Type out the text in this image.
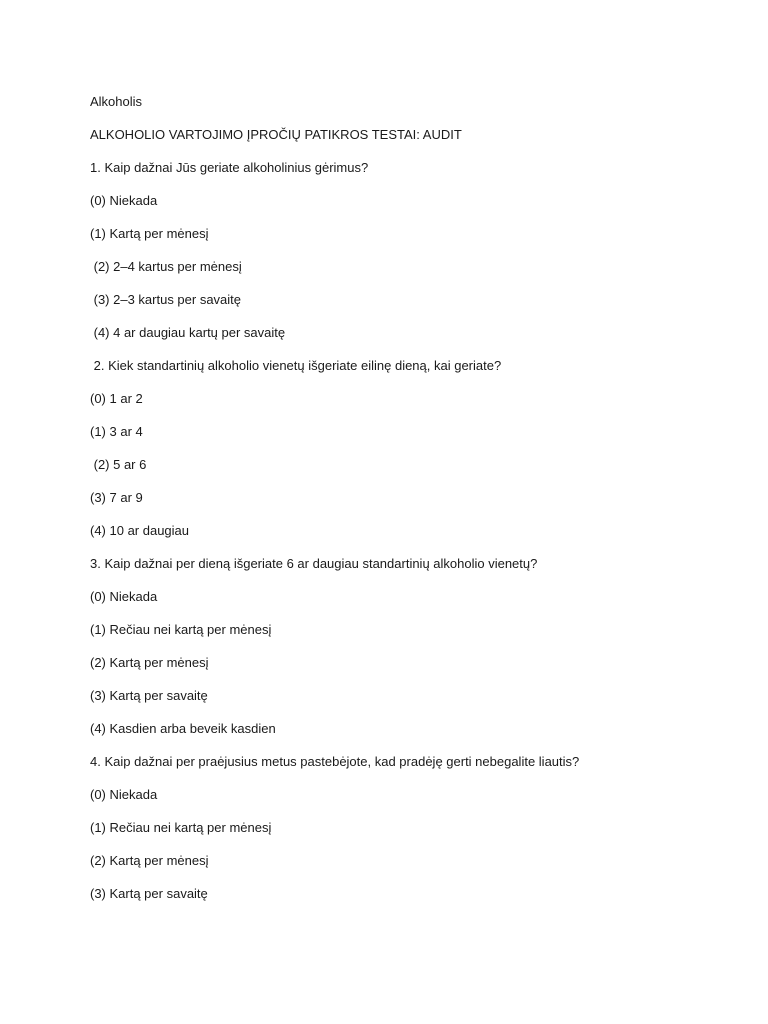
Alkoholis
ALKOHOLIO VARTOJIMO ĮPROČIŲ PATIKROS TESTAI: AUDIT
1. Kaip dažnai Jūs geriate alkoholinius gėrimus?
(0) Niekada
(1) Kartą per mėnesį
(2) 2–4 kartus per mėnesį
(3) 2–3 kartus per savaitę
(4) 4 ar daugiau kartų per savaitę
2. Kiek standartinių alkoholio vienetų išgeriate eilinę dieną, kai geriate?
(0) 1 ar 2
(1) 3 ar 4
(2) 5 ar 6
(3) 7 ar 9
(4) 10 ar daugiau
3. Kaip dažnai per dieną išgeriate 6 ar daugiau standartinių alkoholio vienetų?
(0) Niekada
(1) Rečiau nei kartą per mėnesį
(2) Kartą per mėnesį
(3) Kartą per savaitę
(4) Kasdien arba beveik kasdien
4. Kaip dažnai per praėjusius metus pastebėjote, kad pradėję gerti nebegalite liautis?
(0) Niekada
(1) Rečiau nei kartą per mėnesį
(2) Kartą per mėnesį
(3) Kartą per savaitę
